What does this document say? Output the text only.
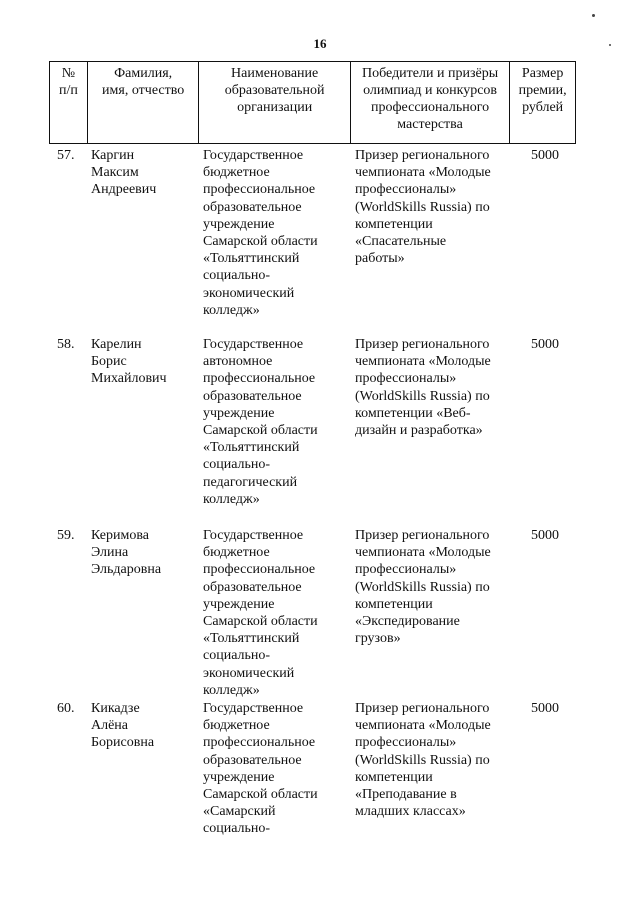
16
№
п/п
Фамилия,
имя, отчество
Наименование
образовательной
организации
Победители и призёры
олимпиад и конкурсов
профессионального
мастерства
Размер
премии,
рублей
57. Каргин
Максим
Андреевич
Государственное
бюджетное
профессиональное
образовательное
учреждение
Самарской области
«Тольяттинский
социально-
экономический
колледж»
Призер регионального
чемпионата «Молодые
профессионалы»
(WorldSkills Russia) по
компетенции
«Спасательные
работы»
5000
58. Карелин
Борис
Михайлович
Государственное
автономное
профессиональное
образовательное
учреждение
Самарской области
«Тольяттинский
социально-
педагогический
колледж»
Призер регионального
чемпионата «Молодые
профессионалы»
(WorldSkills Russia) по
компетенции «Веб-
дизайн и разработка»
5000
59. Керимова
Элина
Эльдаровна
Государственное
бюджетное
профессиональное
образовательное
учреждение
Самарской области
«Тольяттинский
социально-
экономический
колледж»
Призер регионального
чемпионата «Молодые
профессионалы»
(WorldSkills Russia) по
компетенции
«Экспедирование
грузов»
5000
60. Кикадзе
Алёна
Борисовна
Государственное
бюджетное
профессиональное
образовательное
учреждение
Самарской области
«Самарский
социально-
Призер регионального
чемпионата «Молодые
профессионалы»
(WorldSkills Russia) по
компетенции
«Преподавание в
младших классах»
5000
